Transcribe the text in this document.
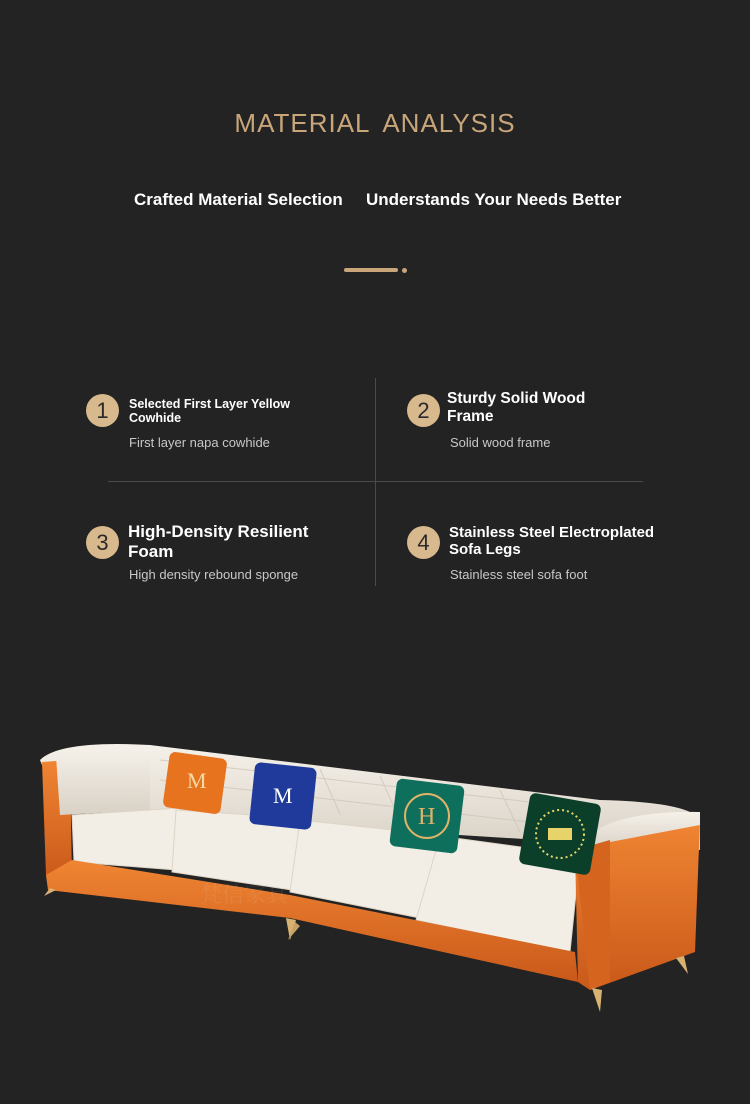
MATERIAL ANALYSIS
Crafted Material Selection Understands Your Needs Better
1	Selected First Layer Yellow Cowhide
First layer napa cowhide
2	Sturdy Solid Wood Frame
Solid wood frame
3	High-Density Resilient Foam
High density rebound sponge
4	Stainless Steel Electroplated Sofa Legs
Stainless steel sofa foot
M
M
H
梵信家具
